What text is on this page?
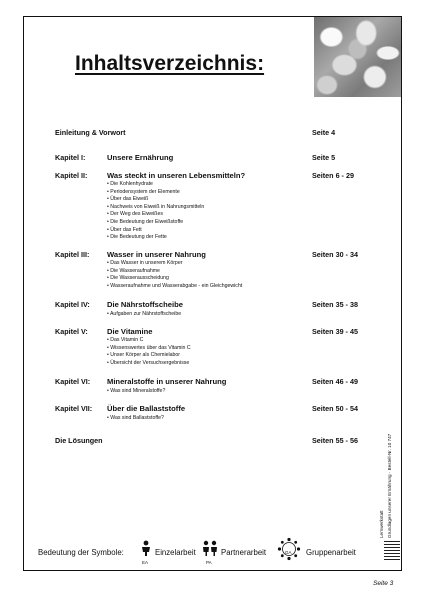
Inhaltsverzeichnis:
Einleitung & Vorwort	Seite 4
Kapitel I:	Unsere Ernährung	Seite 5
Kapitel II:	Was steckt in unseren Lebensmitteln?	Seiten 6 - 29
• Die Kohlenhydrate
• Periodensystem der Elemente
• Über das Eiweiß
• Nachweis von Eiweiß in Nahrungsmitteln
• Der Weg des Eiweißes
• Die Bedeutung der Eiweißstoffe
• Über das Fett
• Die Bedeutung der Fette
Kapitel III: Wasser in unserer Nahrung	Seiten 30 - 34
• Das Wasser in unserem Körper
• Die Wasseraufnahme
• Die Wasserausscheidung
• Wasseraufnahme und Wasserabgabe - ein Gleichgewicht
Kapitel IV: Die Nährstoffscheibe	Seiten 35 - 38
• Aufgaben zur Nährstoffscheibe
Kapitel V:	Die Vitamine	Seiten 39 - 45
• Das Vitamin C
• Wissenswertes über das Vitamin C
• Unser Körper als Chemielabor
• Übersicht der Versuchsergebnisse
Kapitel VI: Mineralstoffe in unserer Nahrung	Seiten 46 - 49
• Was sind Mineralstoffe?
Kapitel VII: Über die Ballaststoffe	Seiten 50 - 54
• Was sind Ballaststoffe?
Die Lösungen	Seiten 55 - 56
Lernwerkstatt Grundlagen unserer Ernährung · Bestell-Nr. 10 747
Bedeutung der Symbole:
EA
Einzelarbeit
PA
Partnerarbeit	GA Gruppenarbeit
Seite 3
